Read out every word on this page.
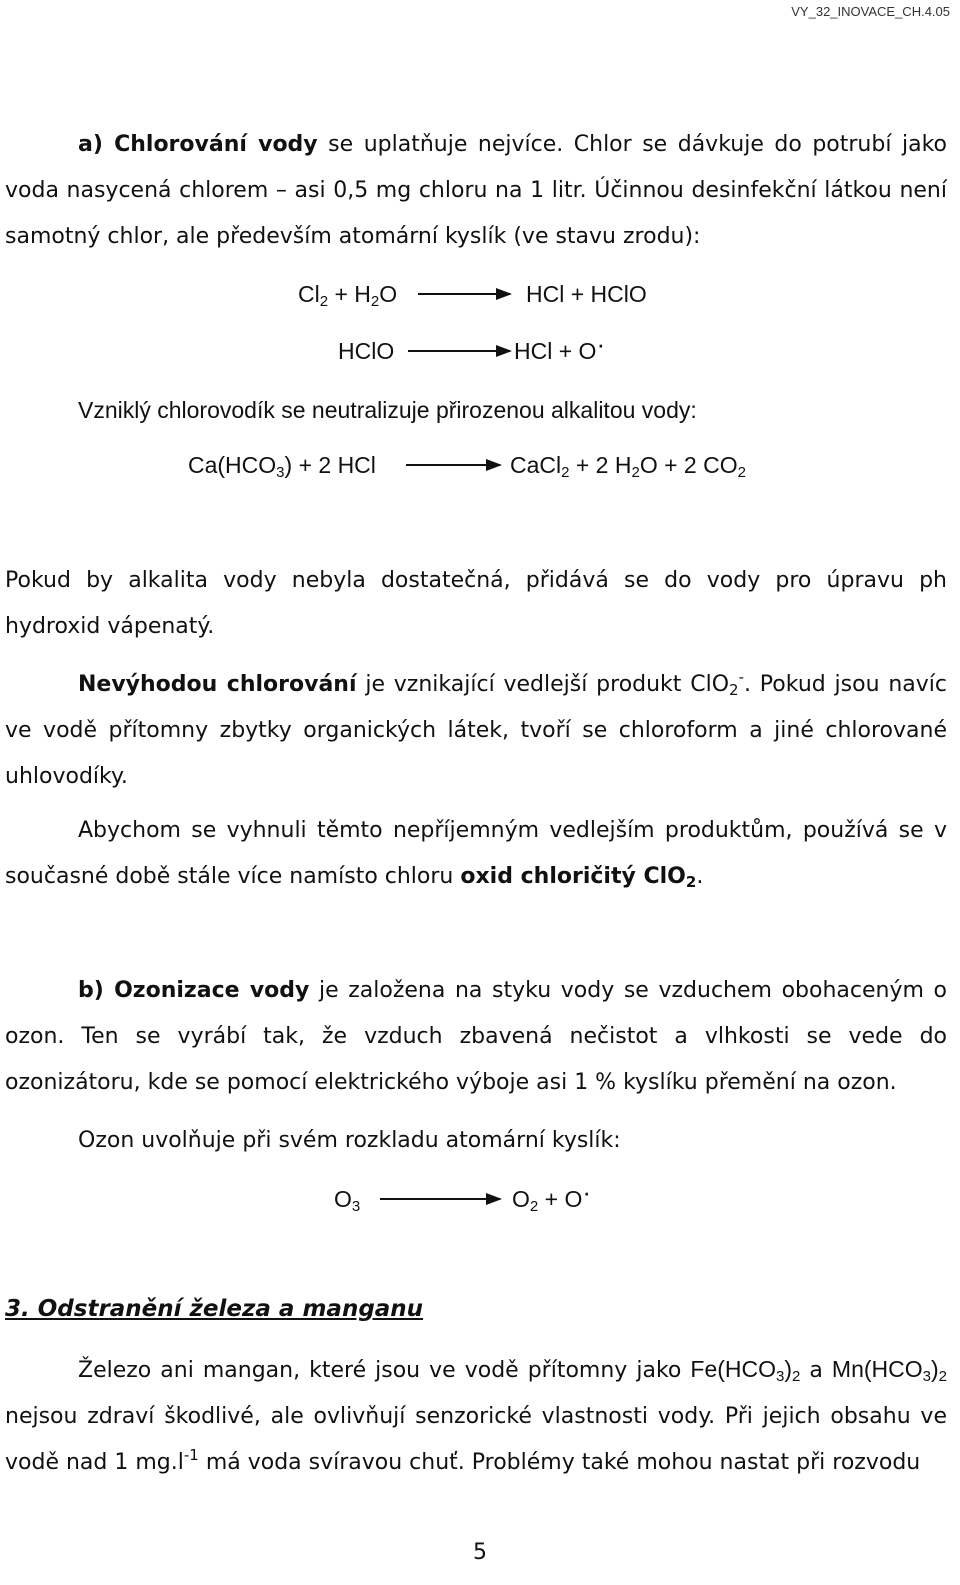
VY_32_INOVACE_CH.4.05

a) Chlorování vody se uplatňuje nejvíce. Chlor se dávkuje do potrubí jako voda nasycená chlorem – asi 0,5 mg chloru na 1 litr. Účinnou desinfekční látkou není samotný chlor, ale především atomární kyslík (ve stavu zrodu):

$Cl_2 + H_2O$	HCl + HClO
HClO	HCl + O·

Vzniklý chlorovodík se neutralizuje přirozenou alkalitou vody:

$Ca(HCO_3) + 2$ HCl	CaCl$_2$ + 2 $H_2O + 2$ $CO_2$

Pokud by alkalita vody nebyla dostatečná, přidává se do vody pro úpravu ph hydroxid vápenatý.

Nevýhodou chlorování je vznikající vedlejší produkt ClO$_2$-. Pokud jsou navíc ve vodě přítomny zbytky organických látek, tvoří se chloroform a jiné chlorované uhlovodíky.

Abychom se vyhnuli těmto nepříjemným vedlejším produktům, používá se v současné době stále více namísto chloru oxid chloričitý ClO$_2$.

b) Ozonizace vody je založena na styku vody se vzduchem obohaceným o ozon. Ten se vyrábí tak, že vzduch zbavená nečistot a vlhkosti se vede do ozonizátoru, kde se pomocí elektrického výboje asi 1 % kyslíku přemění na ozon.

Ozon uvolňuje při svém rozkladu atomární kyslík:

$O_3$	$O_2 + O\cdot$
3. Odstranění železa a manganu

Železo ani mangan, které jsou ve vodě přítomny jako $Fe(HCO_3)_2$ a $Mn(HCO_3)_2$ nejsou zdraví škodlivé, ale ovlivňují senzorické vlastnosti vody. Při jejich obsahu ve vodě nad 1 $mg.l^{-1}$ má voda svíravou chuť. Problémy také mohou nastat při rozvodu

5
